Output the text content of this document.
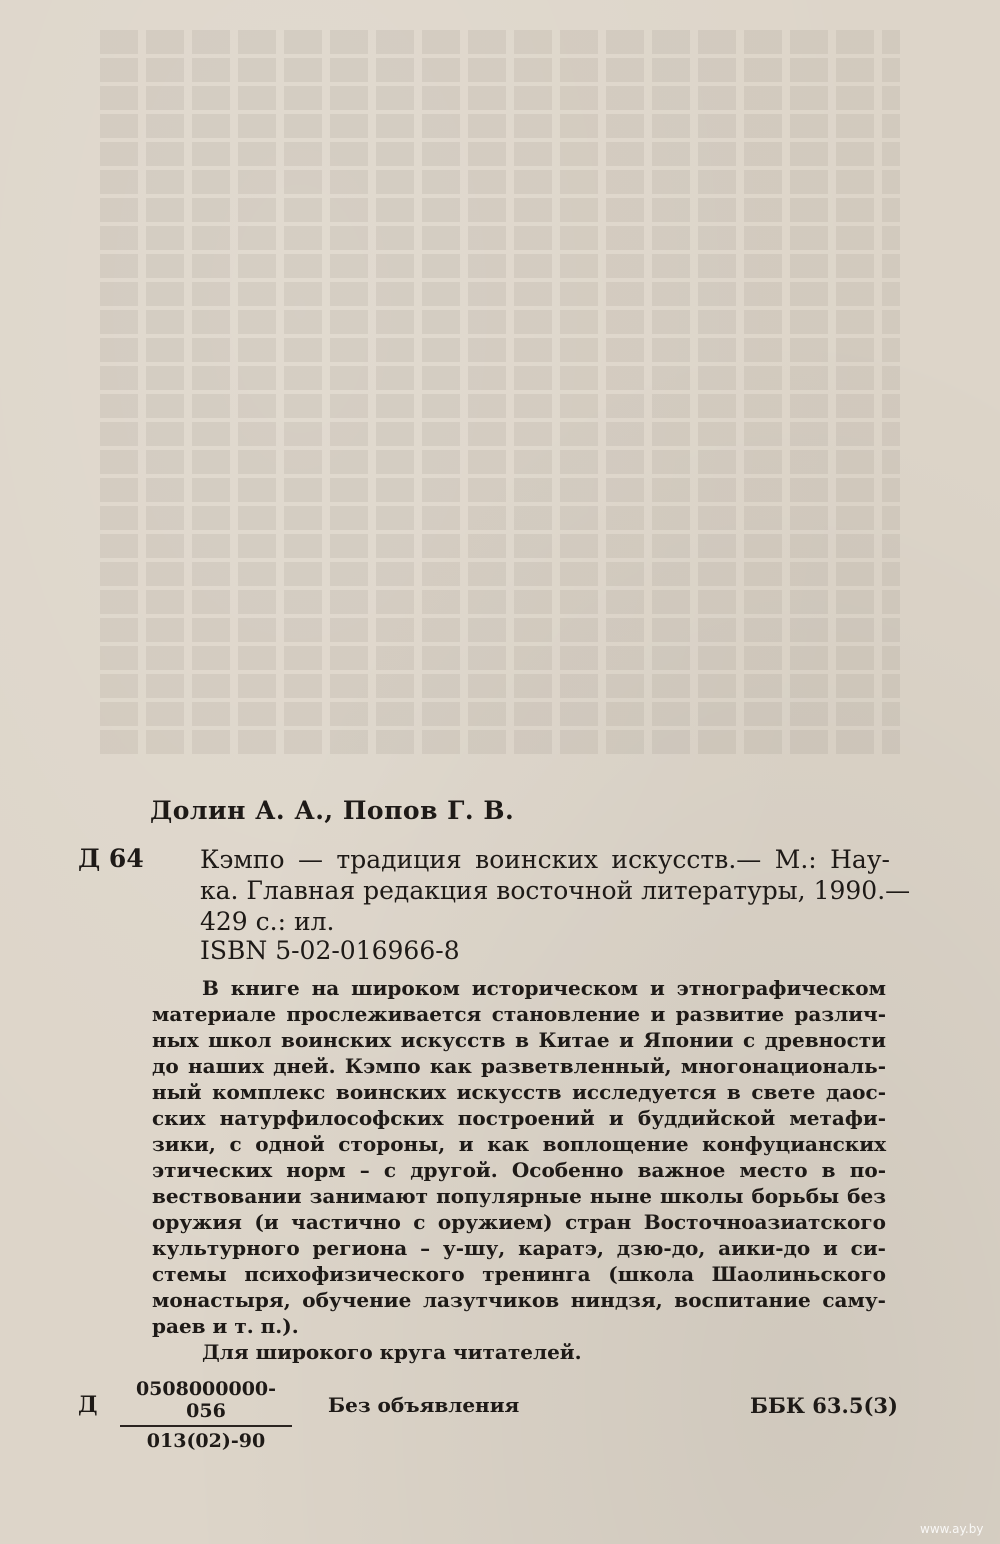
Долин А. А., Попов Г. В.
Д 64 Кэмпо — традиция воинских искусств.— М.: Нау-
ка. Главная редакция восточной литературы, 1990.—
429 с.: ил.
ISBN 5-02-016966-8
В книге на широком историческом и этнографическом
материале прослеживается становление и развитие различ-
ных школ воинских искусств в Китае и Японии с древности
до наших дней. Кэмпо как разветвленный, многонациональ-
ный комплекс воинских искусств исследуется в свете даос-
ских натурфилософских построений и буддийской метафи-
зики, с одной стороны, и как воплощение конфуцианских
этических норм – с другой. Особенно важное место в по-
вествовании занимают популярные ныне школы борьбы без
оружия (и частично с оружием) стран Восточноазиатского
культурного региона – у-шу, каратэ, дзю-до, аики-до и си-
стемы психофизического тренинга (школа Шаолиньского
монастыря, обучение лазутчиков ниндзя, воспитание саму-
раев и т. п.).
Для широкого круга читателей.
Д $\frac{0508000000-056}{013(02)-90}$ Без объявления	ББК 63.5(3)
www.ay.by
